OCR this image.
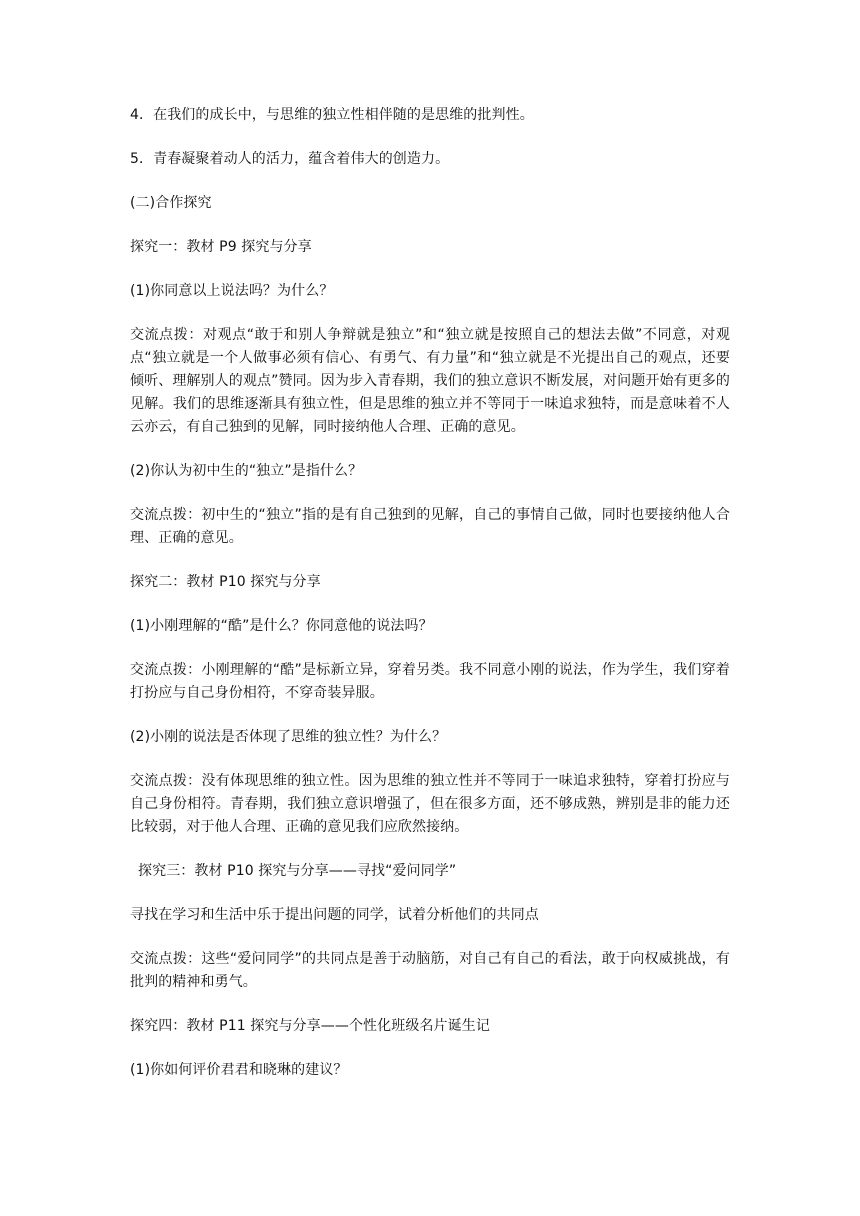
4．在我们的成长中，与思维的独立性相伴随的是思维的批判性。

5．青春凝聚着动人的活力，蕴含着伟大的创造力。

(二)合作探究

探究一：教材 P9 探究与分享

(1)你同意以上说法吗？为什么？

交流点拨：对观点“敢于和别人争辩就是独立”和“独立就是按照自己的想法去做”不同意，对观点“独立就是一个人做事必须有信心、有勇气、有力量”和“独立就是不光提出自己的观点，还要倾听、理解别人的观点”赞同。因为步入青春期，我们的独立意识不断发展，对问题开始有更多的见解。我们的思维逐渐具有独立性，但是思维的独立并不等同于一味追求独特，而是意味着不人云亦云，有自己独到的见解，同时接纳他人合理、正确的意见。

(2)你认为初中生的“独立”是指什么？

交流点拨：初中生的“独立”指的是有自己独到的见解，自己的事情自己做，同时也要接纳他人合理、正确的意见。

探究二：教材 P10 探究与分享

(1)小刚理解的“酷”是什么？你同意他的说法吗？

交流点拨：小刚理解的“酷”是标新立异，穿着另类。我不同意小刚的说法，作为学生，我们穿着打扮应与自己身份相符，不穿奇装异服。

(2)小刚的说法是否体现了思维的独立性？为什么？

交流点拨：没有体现思维的独立性。因为思维的独立性并不等同于一味追求独特，穿着打扮应与自己身份相符。青春期，我们独立意识增强了，但在很多方面，还不够成熟，辨别是非的能力还比较弱，对于他人合理、正确的意见我们应欣然接纳。

探究三：教材 P10 探究与分享——寻找“爱问同学”

寻找在学习和生活中乐于提出问题的同学，试着分析他们的共同点

交流点拨：这些“爱问同学”的共同点是善于动脑筋，对自己有自己的看法，敢于向权威挑战，有批判的精神和勇气。

探究四：教材 P11 探究与分享——个性化班级名片诞生记

(1)你如何评价君君和晓琳的建议？
